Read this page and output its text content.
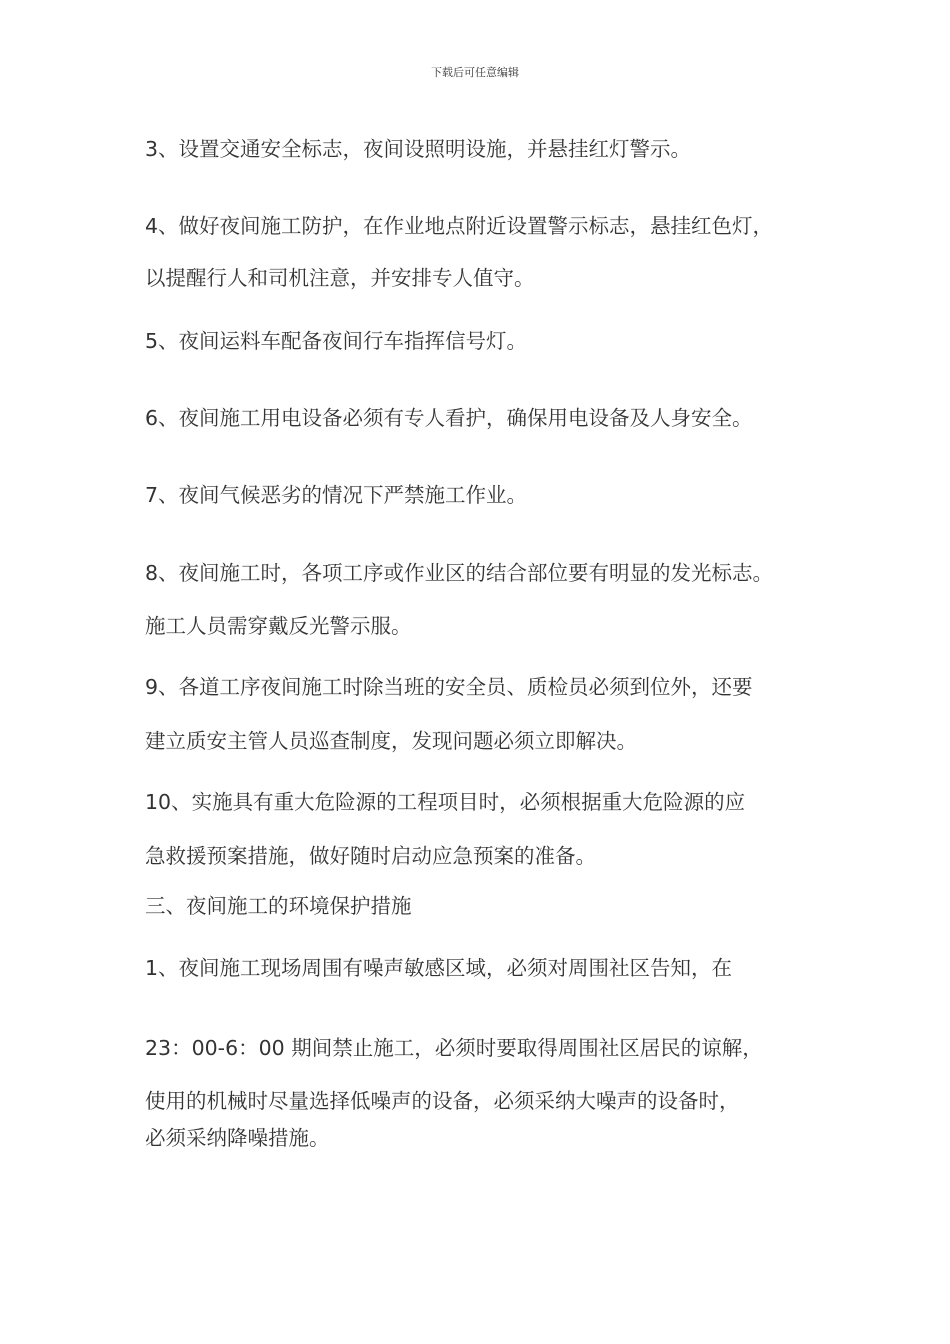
下载后可任意编辑
3、设置交通安全标志，夜间设照明设施，并悬挂红灯警示。
4、做好夜间施工防护，在作业地点附近设置警示标志，悬挂红色灯，
以提醒行人和司机注意，并安排专人值守。
5、夜间运料车配备夜间行车指挥信号灯。
6、夜间施工用电设备必须有专人看护，确保用电设备及人身安全。
7、夜间气候恶劣的情况下严禁施工作业。
8、夜间施工时，各项工序或作业区的结合部位要有明显的发光标志。
施工人员需穿戴反光警示服。
9、各道工序夜间施工时除当班的安全员、质检员必须到位外，还要
建立质安主管人员巡查制度，发现问题必须立即解决。
10、实施具有重大危险源的工程项目时，必须根据重大危险源的应
急救援预案措施，做好随时启动应急预案的准备。
三、夜间施工的环境保护措施
1、夜间施工现场周围有噪声敏感区域，必须对周围社区告知，在
23：00-6：00 期间禁止施工，必须时要取得周围社区居民的谅解，
使用的机械时尽量选择低噪声的设备，必须采纳大噪声的设备时，
必须采纳降噪措施。
